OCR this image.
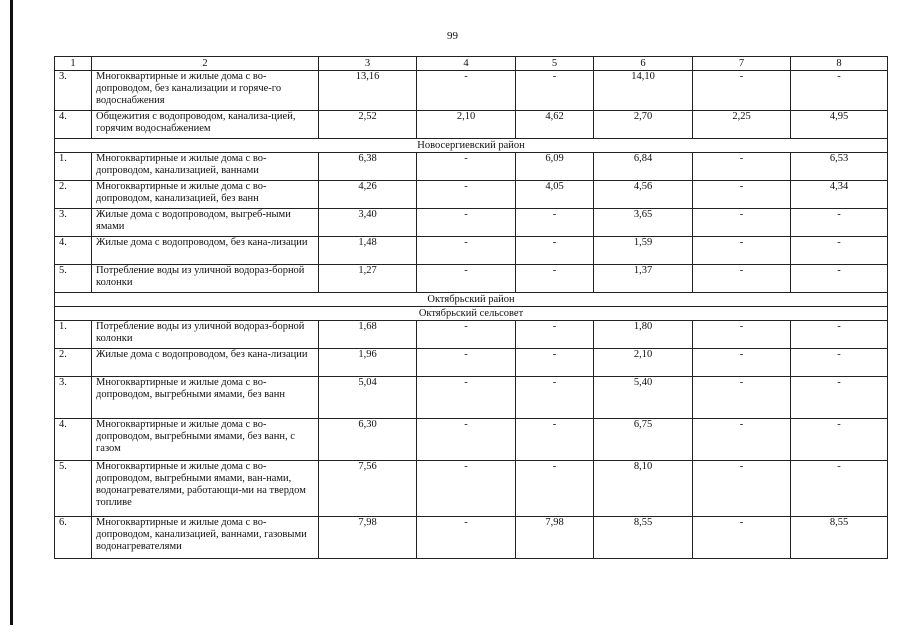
99
1	2	3	4	5	6	7	8
3.	Многоквартирные и жилые дома с во-допроводом, без канализации и горяче-го водоснабжения	13,16	-	-	14,10	-	-
4.	Общежития с водопроводом, канализа-цией, горячим водоснабжением	2,52	2,10	4,62	2,70	2,25	4,95
Новосергиевский район							
1.	Многоквартирные и жилые дома с во-допроводом, канализацией, ваннами	6,38	-	6,09	6,84	-	6,53
2.	Многоквартирные и жилые дома с во-допроводом, канализацией, без ванн	4,26	-	4,05	4,56	-	4,34
3.	Жилые дома с водопроводом, выгреб-ными ямами	3,40	-	-	3,65	-	-
4.	Жилые дома с водопроводом, без кана-лизации	1,48	-	-	1,59	-	-
5.	Потребление воды из уличной водораз-борной колонки	1,27	-	-	1,37	-	-
Октябрьский район							
Октябрьский сельсовет							
1.	Потребление воды из уличной водораз-борной колонки	1,68	-	-	1,80	-	-
2.	Жилые дома с водопроводом, без кана-лизации	1,96	-	-	2,10	-	-
3.	Многоквартирные и жилые дома с во-допроводом, выгребными ямами, без ванн	5,04	-	-	5,40	-	-
4.	Многоквартирные и жилые дома с во-допроводом, выгребными ямами, без ванн, с газом	6,30	-	-	6,75	-	-
5.	Многоквартирные и жилые дома с во-допроводом, выгребными ямами, ван-нами, водонагревателями, работающи-ми на твердом топливе	7,56	-	-	8,10	-	-
6.	Многоквартирные и жилые дома с во-допроводом, канализацией, ваннами, газовыми водонагревателями	7,98	-	7,98	8,55	-	8,55
